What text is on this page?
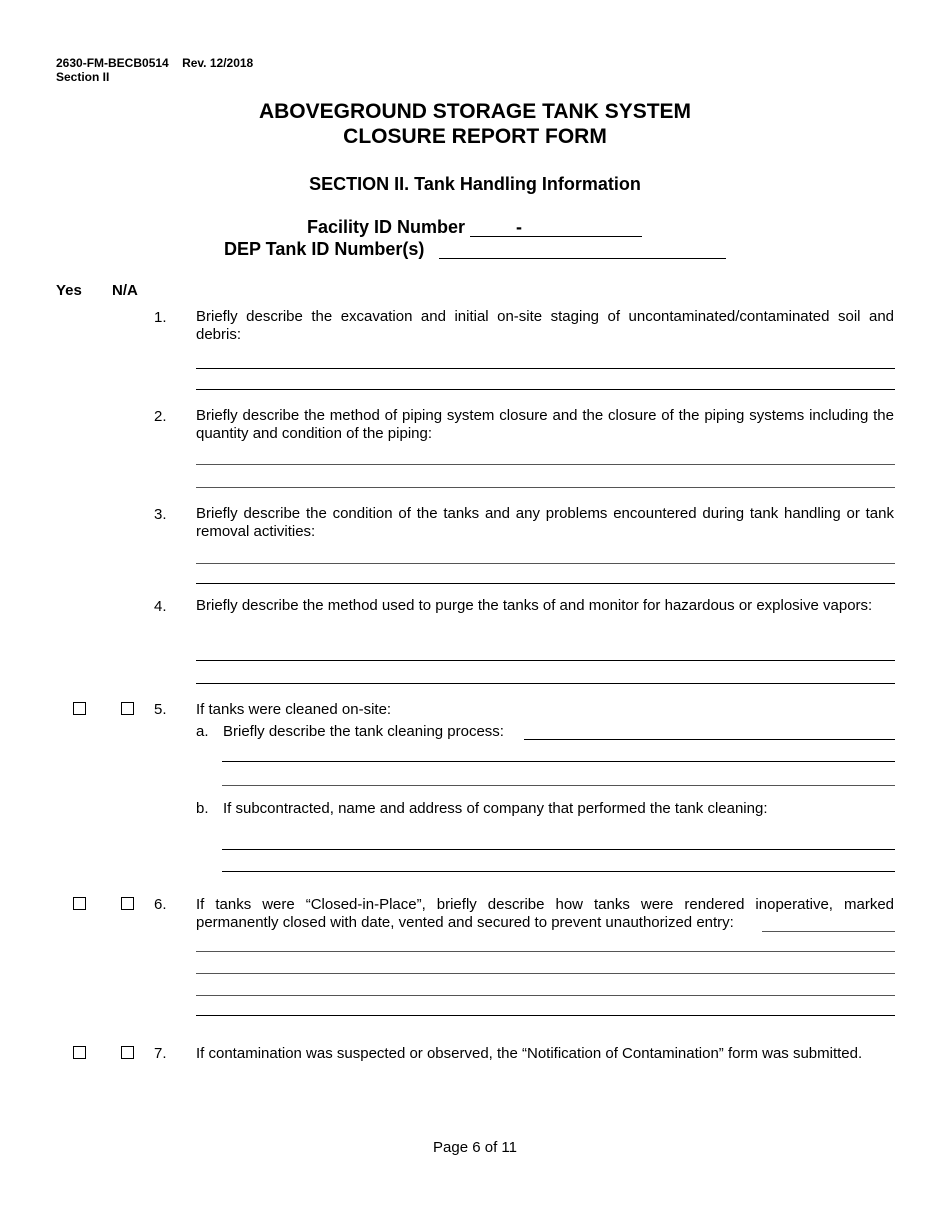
2630-FM-BECB0514 Rev. 12/2018
Section II
ABOVEGROUND STORAGE TANK SYSTEM
CLOSURE REPORT FORM
SECTION II. Tank Handling Information
Facility ID Number	-
DEP Tank ID Number(s)
Yes N/A
1. Briefly describe the excavation and initial on-site staging of uncontaminated/contaminated soil and debris:
2. Briefly describe the method of piping system closure and the closure of the piping systems including the quantity and condition of the piping:
3. Briefly describe the condition of the tanks and any problems encountered during tank handling or tank removal activities:
4. Briefly describe the method used to purge the tanks of and monitor for hazardous or explosive vapors:
5. If tanks were cleaned on-site:
a. Briefly describe the tank cleaning process:
b. If subcontracted, name and address of company that performed the tank cleaning:
6. If tanks were “Closed-in-Place”, briefly describe how tanks were rendered inoperative, marked permanently closed with date, vented and secured to prevent unauthorized entry:
7. If contamination was suspected or observed, the “Notification of Contamination” form was submitted.
Page 6 of 11
